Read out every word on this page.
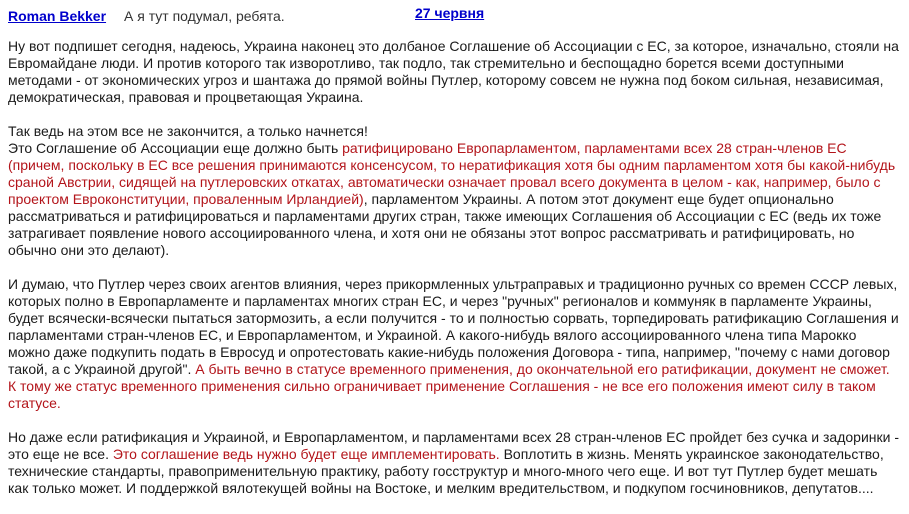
Roman Bekker А я тут подумал, ребята.	27 червня

Ну вот подпишет сегодня, надеюсь, Украина наконец это долбаное Соглашение об Ассоциации с ЕС, за которое, изначально, стояли на Евромайдане люди. И против которого так изворотливо, так подло, так стремительно и беспощадно борется всеми доступными методами - от экономических угроз и шантажа до прямой войны Путлер, которому совсем не нужна под боком сильная, независимая, демократическая, правовая и процветающая Украина.

Так ведь на этом все не закончится, а только начнется!

Это Соглашение об Ассоциации еще должно быть ратифицировано Европарламентом, парламентами всех 28 стран-членов ЕС (причем, поскольку в ЕС все решения принимаются консенсусом, то нератификация хотя бы одним парламентом хотя бы какой-нибудь сраной Австрии, сидящей на путлеровских откатах, автоматически означает провал всего документа в целом - как, например, было с проектом Евроконституции, проваленным Ирландией), парламентом Украины. А потом этот документ еще будет опционально рассматриваться и ратифицироваться и парламентами других стран, также имеющих Соглашения об Ассоциации с ЕС (ведь их тоже затрагивает появление нового ассоциированного члена, и хотя они не обязаны этот вопрос рассматривать и ратифицировать, но обычно они это делают).

И думаю, что Путлер через своих агентов влияния, через прикормленных ультраправых и традиционно ручных со времен СССР левых, которых полно в Европарламенте и парламентах многих стран ЕС, и через "ручных" регионалов и коммуняк в парламенте Украины, будет всячески-всячески пытаться затормозить, а если получится - то и полностью сорвать, торпедировать ратификацию Соглашения и парламентами стран-членов ЕС, и Европарламентом, и Украиной. А какого-нибудь вялого ассоциированного члена типа Марокко можно даже подкупить подать в Евросуд и опротестовать какие-нибудь положения Договора - типа, например, "почему с нами договор такой, а с Украиной другой". А быть вечно в статусе временного применения, до окончательной его ратификации, документ не сможет. К тому же статус временного применения сильно ограничивает применение Соглашения - не все его положения имеют силу в таком статусе.

Но даже если ратификация и Украиной, и Европарламентом, и парламентами всех 28 стран-членов ЕС пройдет без сучка и задоринки - это еще не все. Это соглашение ведь нужно будет еще имплементировать. Воплотить в жизнь. Менять украинское законодательство, технические стандарты, правоприменительную практику, работу госструктур и много-много чего еще. И вот тут Путлер будет мешать как только может. И поддержкой вялотекущей войны на Востоке, и мелким вредительством, и подкупом госчиновников, депутатов....
